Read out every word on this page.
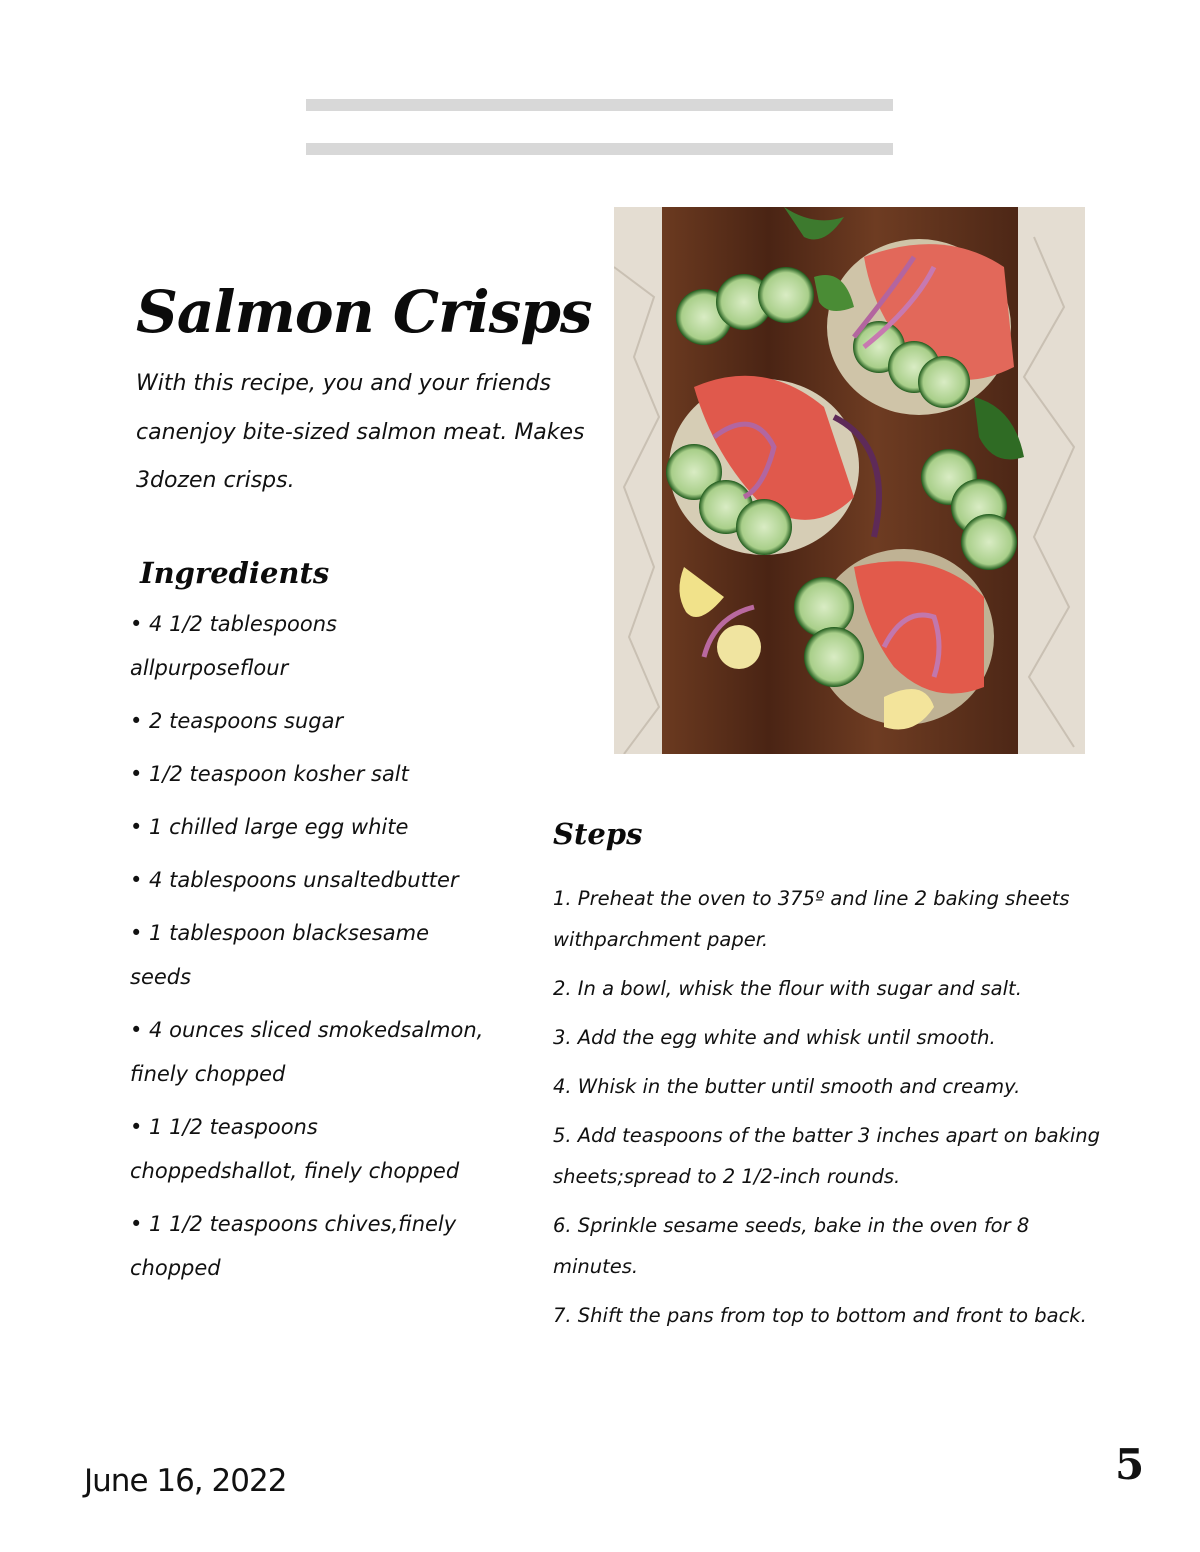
Salmon Crisps

With this recipe, you and your friends canenjoy bite-sized salmon meat. Makes 3dozen crisps.

Ingredients
• 4 1/2 tablespoons allpurposeflour
• 2 teaspoons sugar
• 1/2 teaspoon kosher salt
• 1 chilled large egg white
• 4 tablespoons unsaltedbutter
• 1 tablespoon blacksesame seeds
• 4 ounces sliced smokedsalmon, finely chopped
• 1 1/2 teaspoons choppedshallot, finely chopped
• 1 1/2 teaspoons chives,finely chopped
Steps
1. Preheat the oven to 375º and line 2 baking sheets withparchment paper.
2. In a bowl, whisk the flour with sugar and salt.
3. Add the egg white and whisk until smooth.
4. Whisk in the butter until smooth and creamy.
5. Add teaspoons of the batter 3 inches apart on baking sheets;spread to 2 1/2-inch rounds.
6. Sprinkle sesame seeds, bake in the oven for 8 minutes.
7. Shift the pans from top to bottom and front to back.
June 16, 2022	5
